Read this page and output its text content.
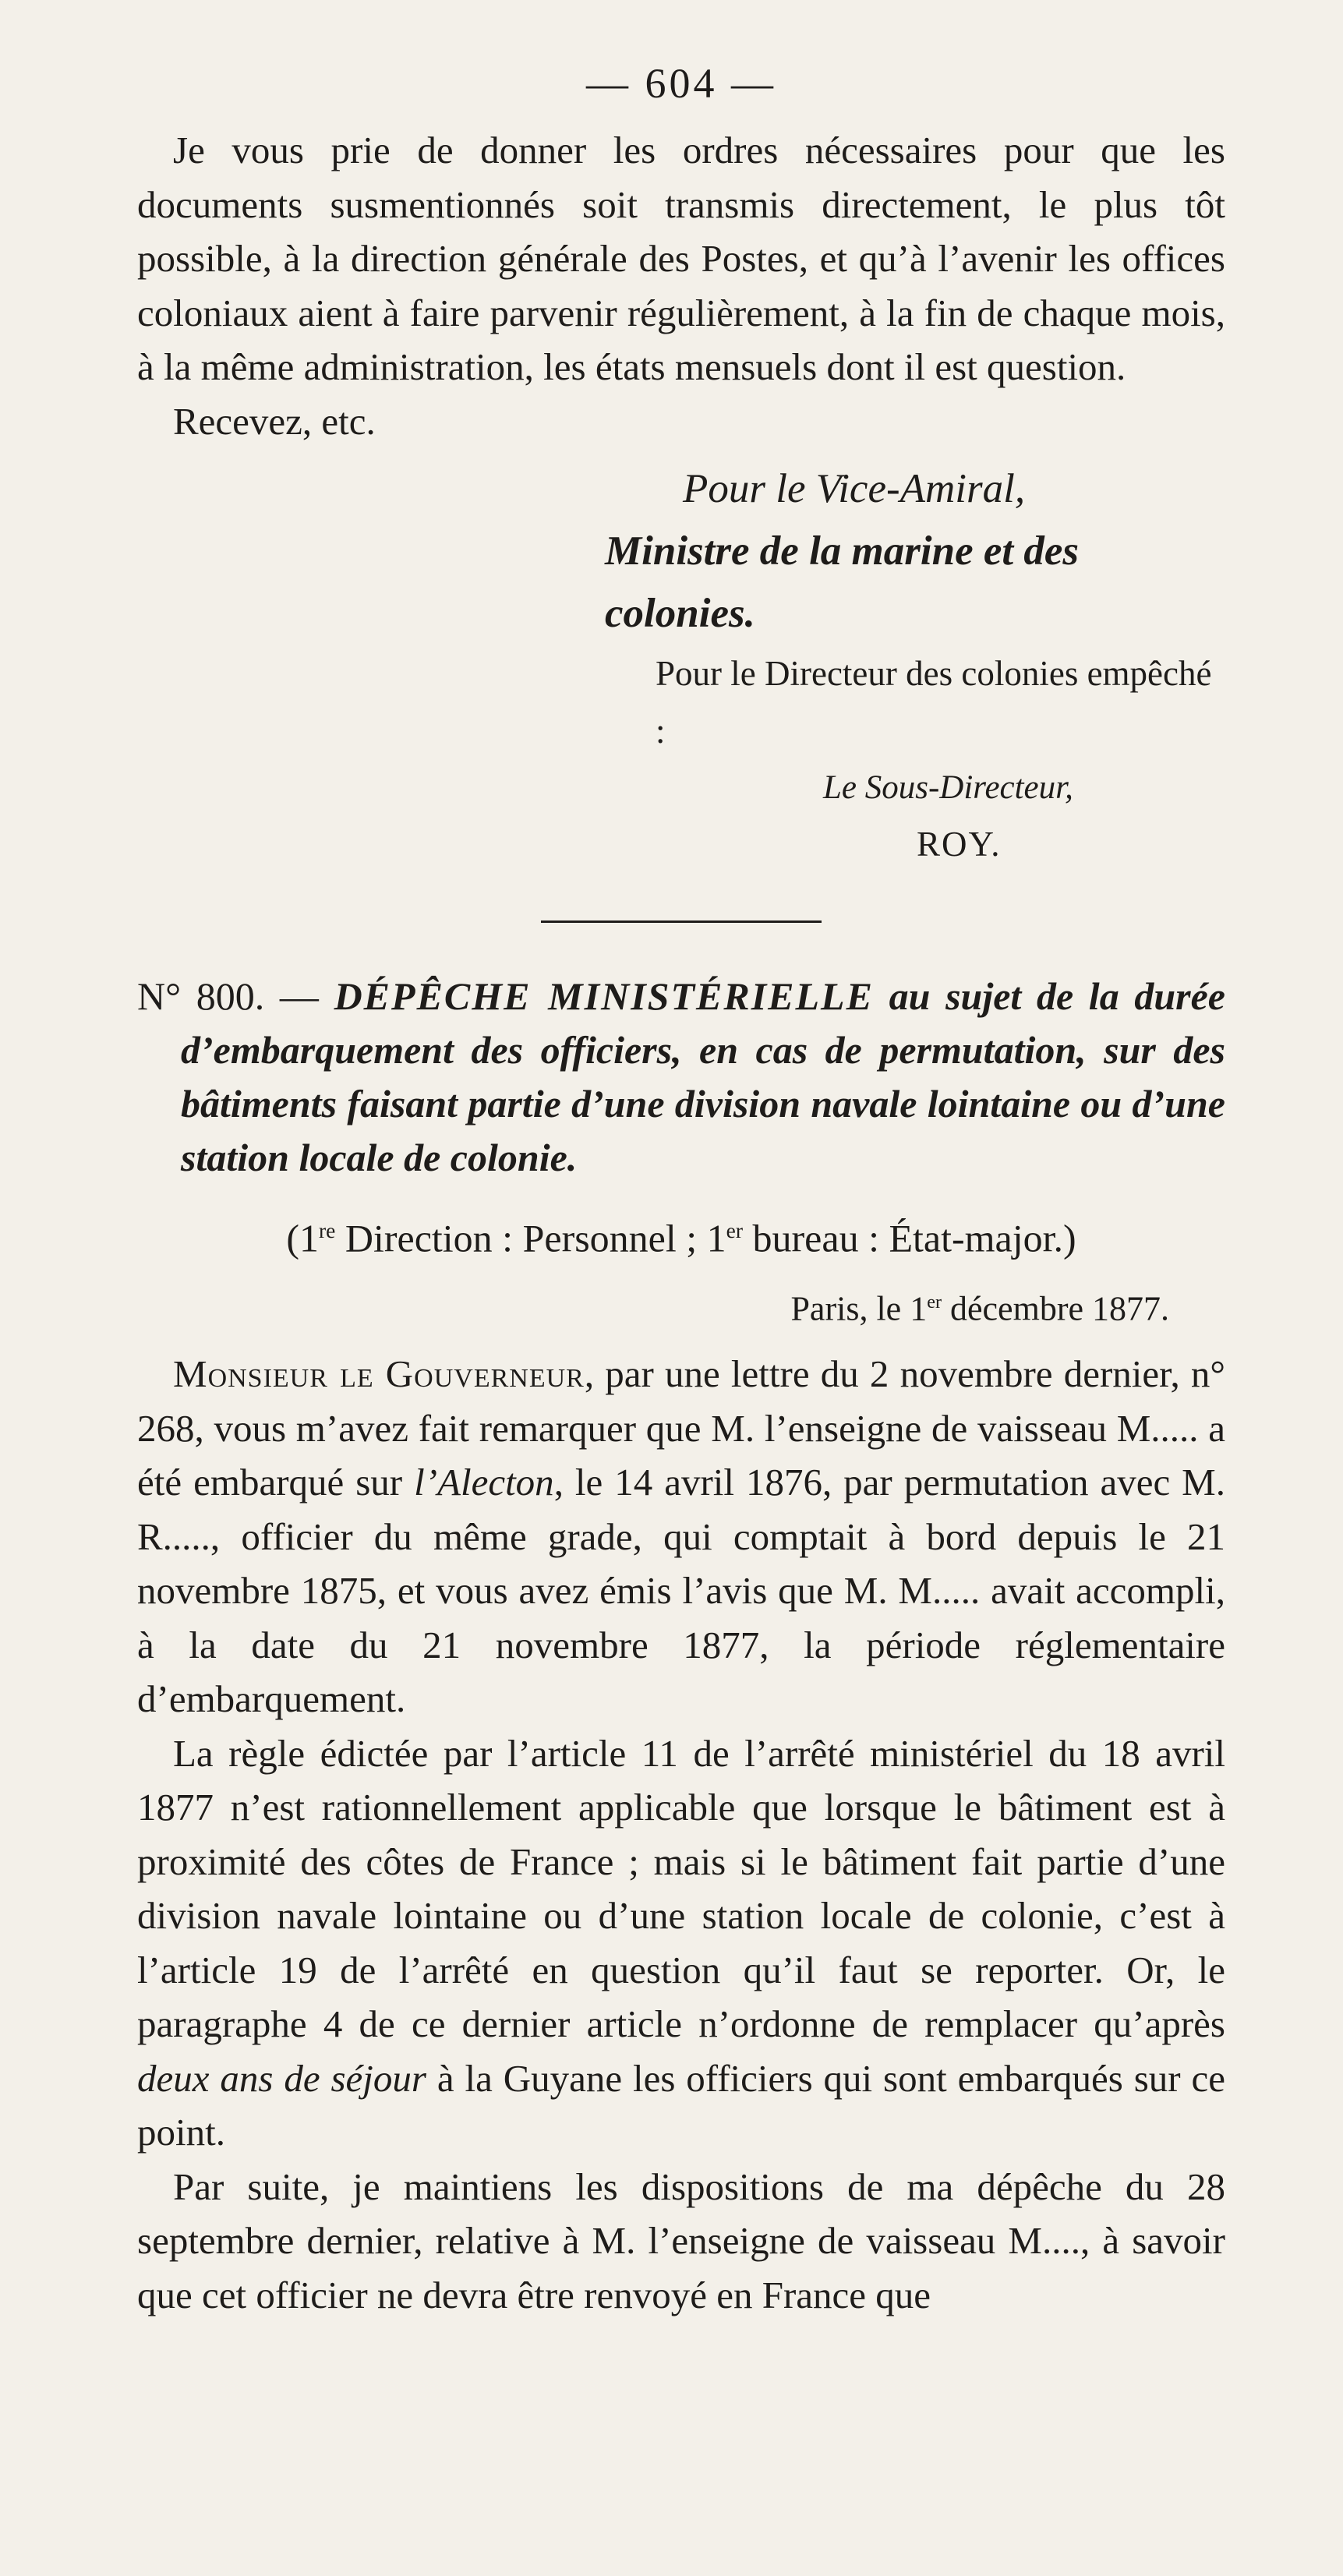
— 604 —

Je vous prie de donner les ordres nécessaires pour que les documents susmentionnés soit transmis directement, le plus tôt possible, à la direction générale des Postes, et qu’à l’avenir les offices coloniaux aient à faire parvenir régulièrement, à la fin de chaque mois, à la même administration, les états mensuels dont il est question.

Recevez, etc.

Pour le Vice-Amiral,
Ministre de la marine et des colonies.
Pour le Directeur des colonies empêché :
Le Sous-Directeur,
ROY.
N° 800. — DÉPÊCHE MINISTÉRIELLE au sujet de la durée d’embarquement des officiers, en cas de permutation, sur des bâtiments faisant partie d’une division navale lointaine ou d’une station locale de colonie.
(1re Direction : Personnel ; 1er bureau : État-major.)
Paris, le 1er décembre 1877.

Monsieur le Gouverneur, par une lettre du 2 novembre dernier, n° 268, vous m’avez fait remarquer que M. l’enseigne de vaisseau M..... a été embarqué sur l’Alecton, le 14 avril 1876, par permutation avec M. R....., officier du même grade, qui comptait à bord depuis le 21 novembre 1875, et vous avez émis l’avis que M. M..... avait accompli, à la date du 21 novembre 1877, la période réglementaire d’embarquement.

La règle édictée par l’article 11 de l’arrêté ministériel du 18 avril 1877 n’est rationnellement applicable que lorsque le bâtiment est à proximité des côtes de France ; mais si le bâtiment fait partie d’une division navale lointaine ou d’une station locale de colonie, c’est à l’article 19 de l’arrêté en question qu’il faut se reporter. Or, le paragraphe 4 de ce dernier article n’ordonne de remplacer qu’après deux ans de séjour à la Guyane les officiers qui sont embarqués sur ce point.

Par suite, je maintiens les dispositions de ma dépêche du 28 septembre dernier, relative à M. l’enseigne de vaisseau M...., à savoir que cet officier ne devra être renvoyé en France que
